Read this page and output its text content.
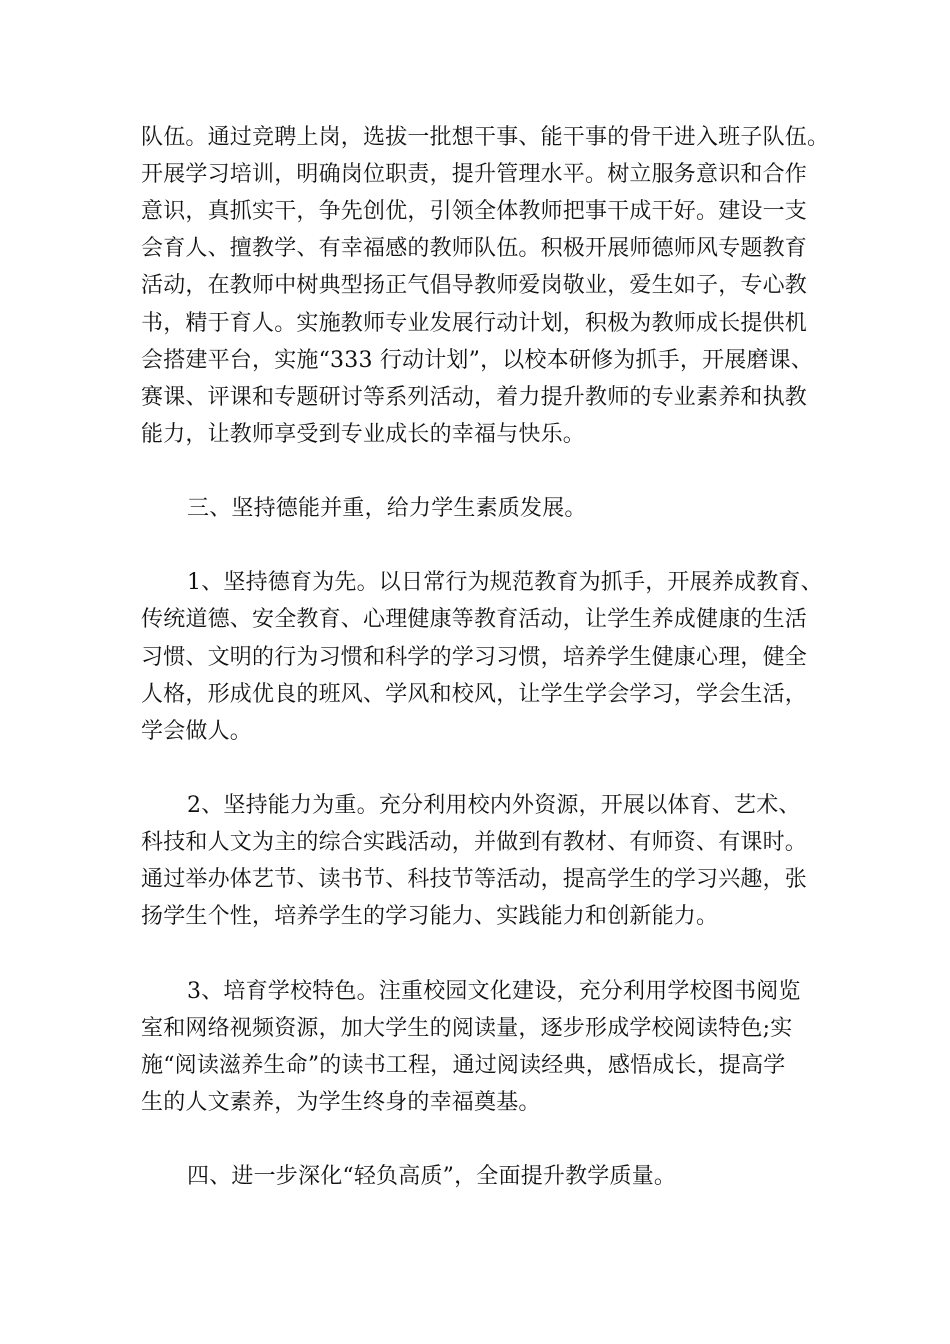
队伍。通过竞聘上岗，选拔一批想干事、能干事的骨干进入班子队伍。
开展学习培训，明确岗位职责，提升管理水平。树立服务意识和合作
意识，真抓实干，争先创优，引领全体教师把事干成干好。建设一支
会育人、擅教学、有幸福感的教师队伍。积极开展师德师风专题教育
活动，在教师中树典型扬正气倡导教师爱岗敬业，爱生如子，专心教
书，精于育人。实施教师专业发展行动计划，积极为教师成长提供机
会搭建平台，实施“333 行动计划”，以校本研修为抓手，开展磨课、
赛课、评课和专题研讨等系列活动，着力提升教师的专业素养和执教
能力，让教师享受到专业成长的幸福与快乐。
三、坚持德能并重，给力学生素质发展。
1、坚持德育为先。以日常行为规范教育为抓手，开展养成教育、
传统道德、安全教育、心理健康等教育活动，让学生养成健康的生活
习惯、文明的行为习惯和科学的学习习惯，培养学生健康心理，健全
人格，形成优良的班风、学风和校风，让学生学会学习，学会生活，
学会做人。
2、坚持能力为重。充分利用校内外资源，开展以体育、艺术、
科技和人文为主的综合实践活动，并做到有教材、有师资、有课时。
通过举办体艺节、读书节、科技节等活动，提高学生的学习兴趣，张
扬学生个性，培养学生的学习能力、实践能力和创新能力。
3、培育学校特色。注重校园文化建设，充分利用学校图书阅览
室和网络视频资源，加大学生的阅读量，逐步形成学校阅读特色;实
施“阅读滋养生命”的读书工程，通过阅读经典，感悟成长，提高学
生的人文素养，为学生终身的幸福奠基。
四、进一步深化“轻负高质”，全面提升教学质量。
